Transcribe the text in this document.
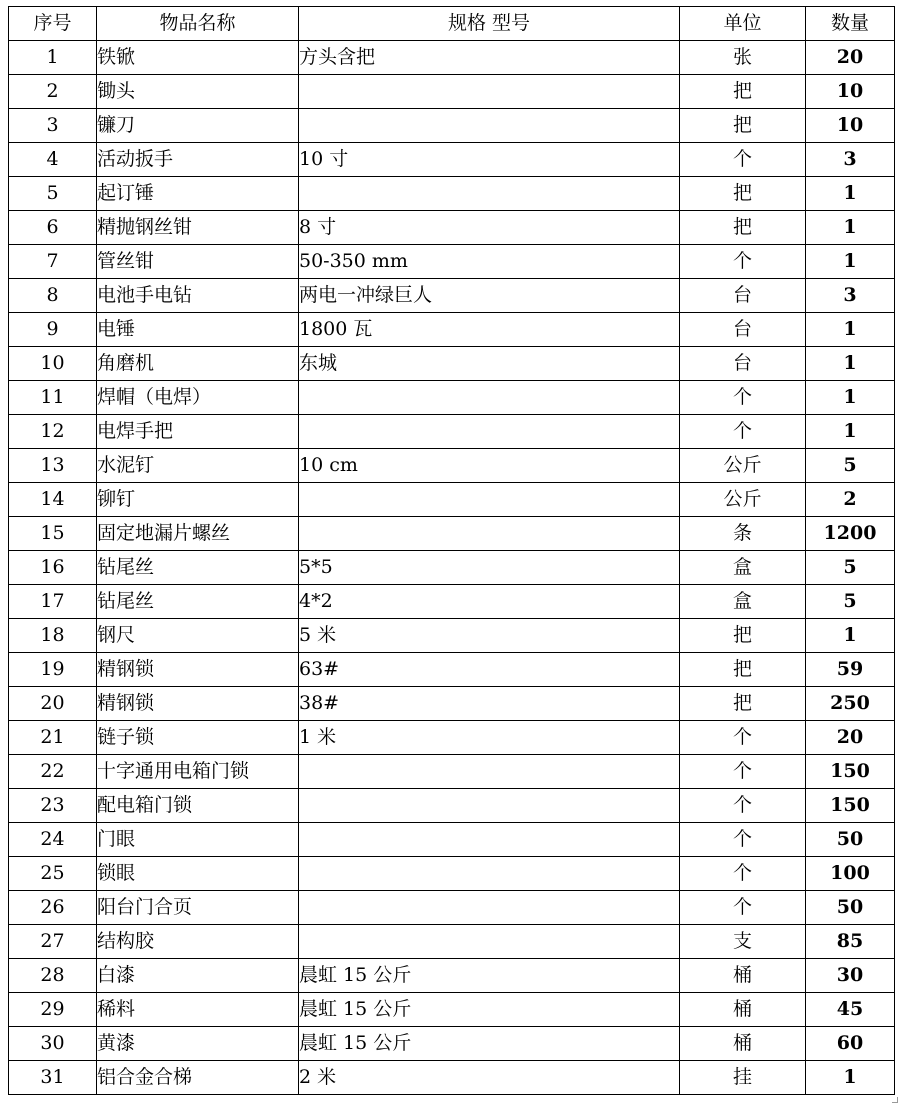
序号	物品名称	规格 型号	单位	数量
1	铁锨	方头含把	张	20
2	锄头		把	10
3	镰刀		把	10
4	活动扳手	10 寸	个	3
5	起订锤		把	1
6	精抛钢丝钳	8 寸	把	1
7	管丝钳	50-350 mm	个	1
8	电池手电钻	两电一冲绿巨人	台	3
9	电锤	1800 瓦	台	1
10	角磨机	东城	台	1
11	焊帽（电焊）		个	1
12	电焊手把		个	1
13	水泥钉	10 cm	公斤	5
14	铆钉		公斤	2
15	固定地漏片螺丝		条	1200
16	钻尾丝	5*5	盒	5
17	钻尾丝	4*2	盒	5
18	钢尺	5 米	把	1
19	精钢锁	63#	把	59
20	精钢锁	38#	把	250
21	链子锁	1 米	个	20
22	十字通用电箱门锁		个	150
23	配电箱门锁		个	150
24	门眼		个	50
25	锁眼		个	100
26	阳台门合页		个	50
27	结构胶		支	85
28	白漆	晨虹 15 公斤	桶	30
29	稀料	晨虹 15 公斤	桶	45
30	黄漆	晨虹 15 公斤	桶	60
31	铝合金合梯	2 米	挂	1
